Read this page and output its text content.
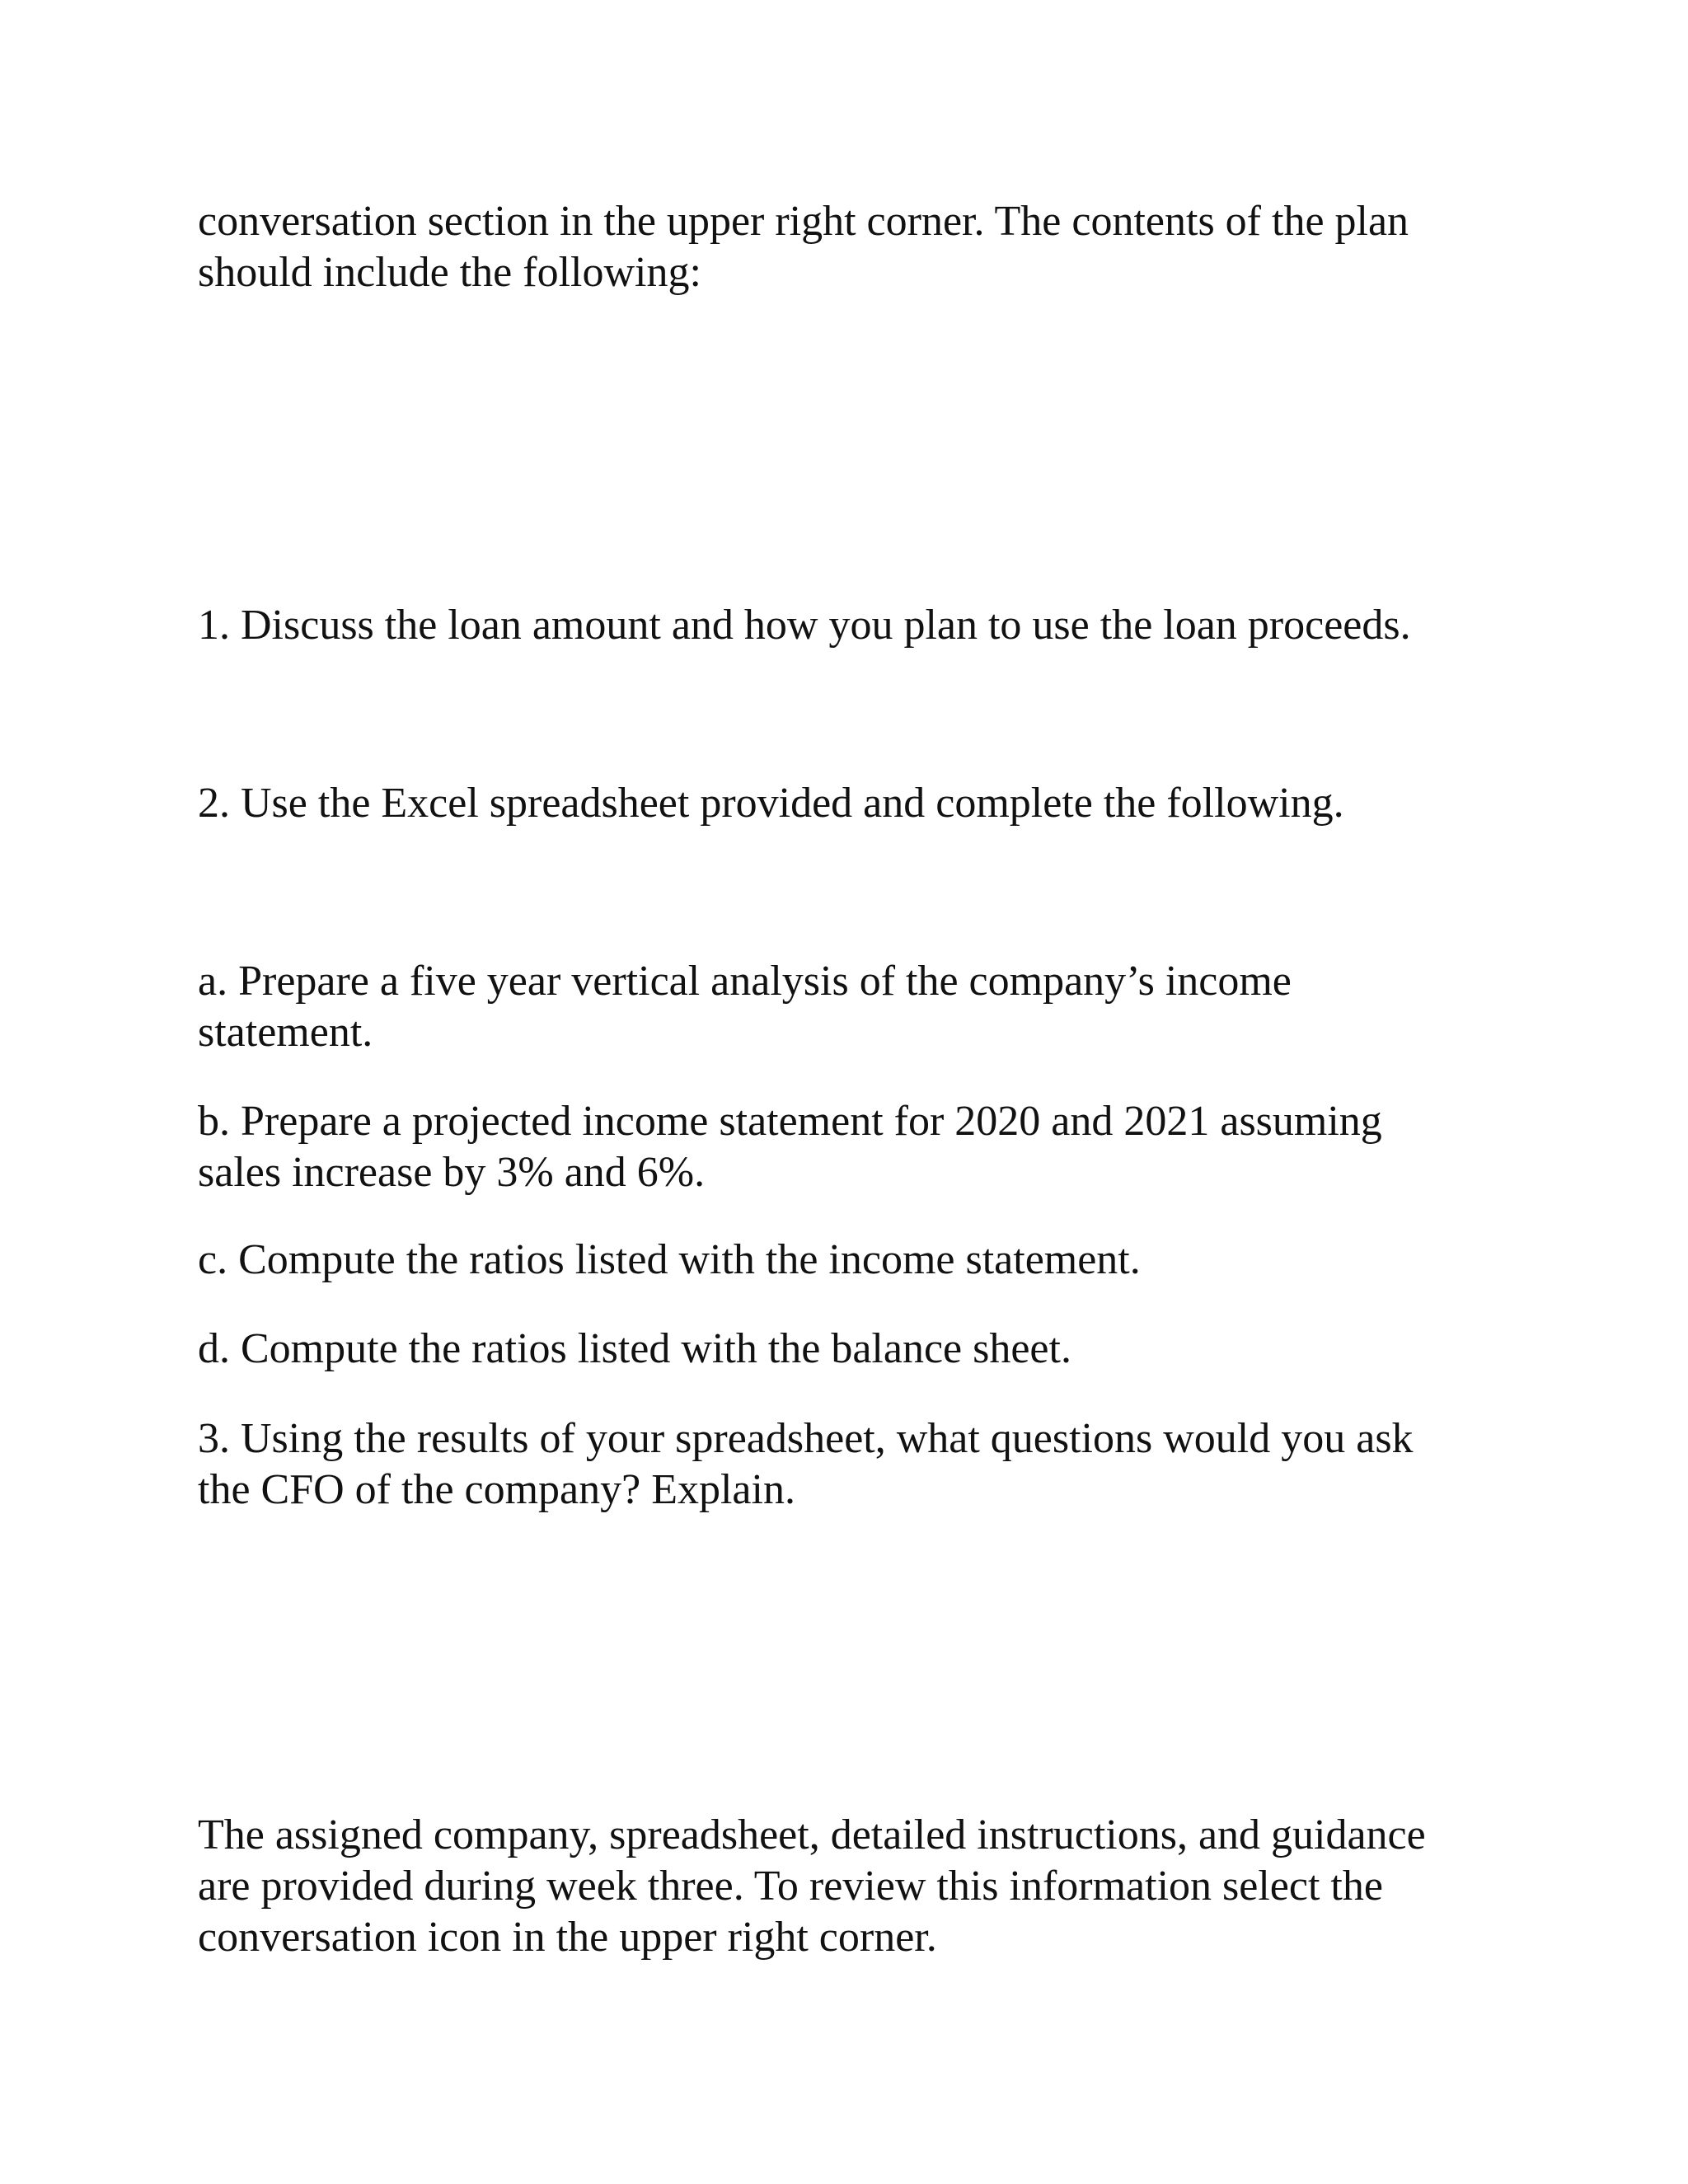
conversation section in the upper right corner. The contents of the plan
should include the following:

1. Discuss the loan amount and how you plan to use the loan proceeds.

2. Use the Excel spreadsheet provided and complete the following.

a. Prepare a five year vertical analysis of the company’s income
statement.

b. Prepare a projected income statement for 2020 and 2021 assuming
sales increase by 3% and 6%.

c. Compute the ratios listed with the income statement.

d. Compute the ratios listed with the balance sheet.

3. Using the results of your spreadsheet, what questions would you ask
the CFO of the company? Explain.

The assigned company, spreadsheet, detailed instructions, and guidance
are provided during week three. To review this information select the
conversation icon in the upper right corner.
